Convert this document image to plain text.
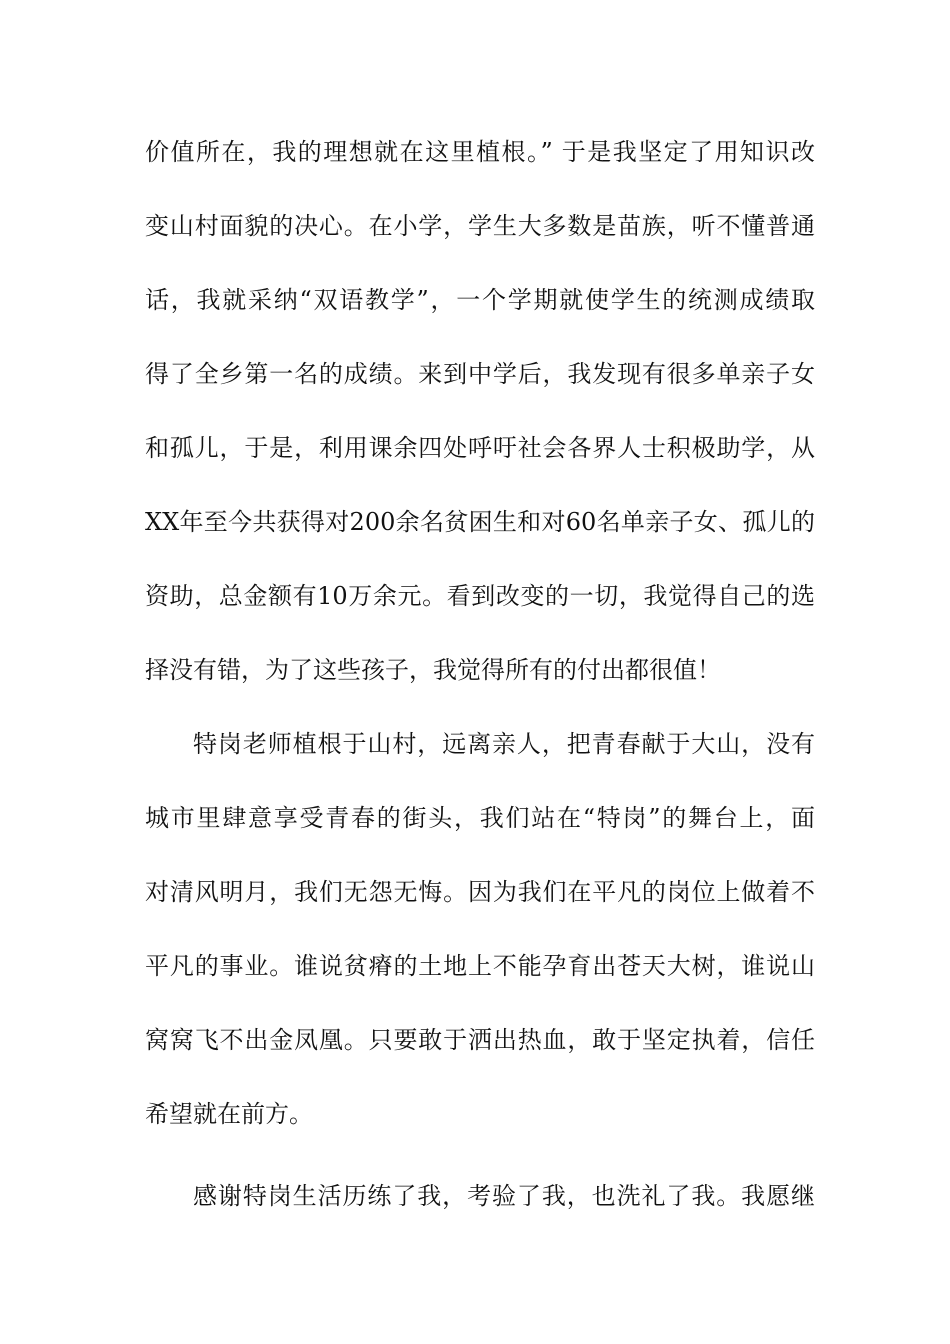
价值所在，我的理想就在这里植根。” 于是我坚定了用知识改

变山村面貌的决心。在小学，学生大多数是苗族，听不懂普通

话，我就采纳“双语教学”，一个学期就使学生的统测成绩取

得了全乡第一名的成绩。来到中学后，我发现有很多单亲子女

和孤儿，于是，利用课余四处呼吁社会各界人士积极助学，从

XX年至今共获得对200余名贫困生和对60名单亲子女、孤儿的

资助，总金额有10万余元。看到改变的一切，我觉得自己的选

择没有错，为了这些孩子，我觉得所有的付出都很值！

特岗老师植根于山村，远离亲人，把青春献于大山，没有

城市里肆意享受青春的街头，我们站在“特岗”的舞台上，面

对清风明月，我们无怨无悔。因为我们在平凡的岗位上做着不

平凡的事业。谁说贫瘠的土地上不能孕育出苍天大树，谁说山

窝窝飞不出金凤凰。只要敢于洒出热血，敢于坚定执着，信任

希望就在前方。

感谢特岗生活历练了我，考验了我，也洗礼了我。我愿继
